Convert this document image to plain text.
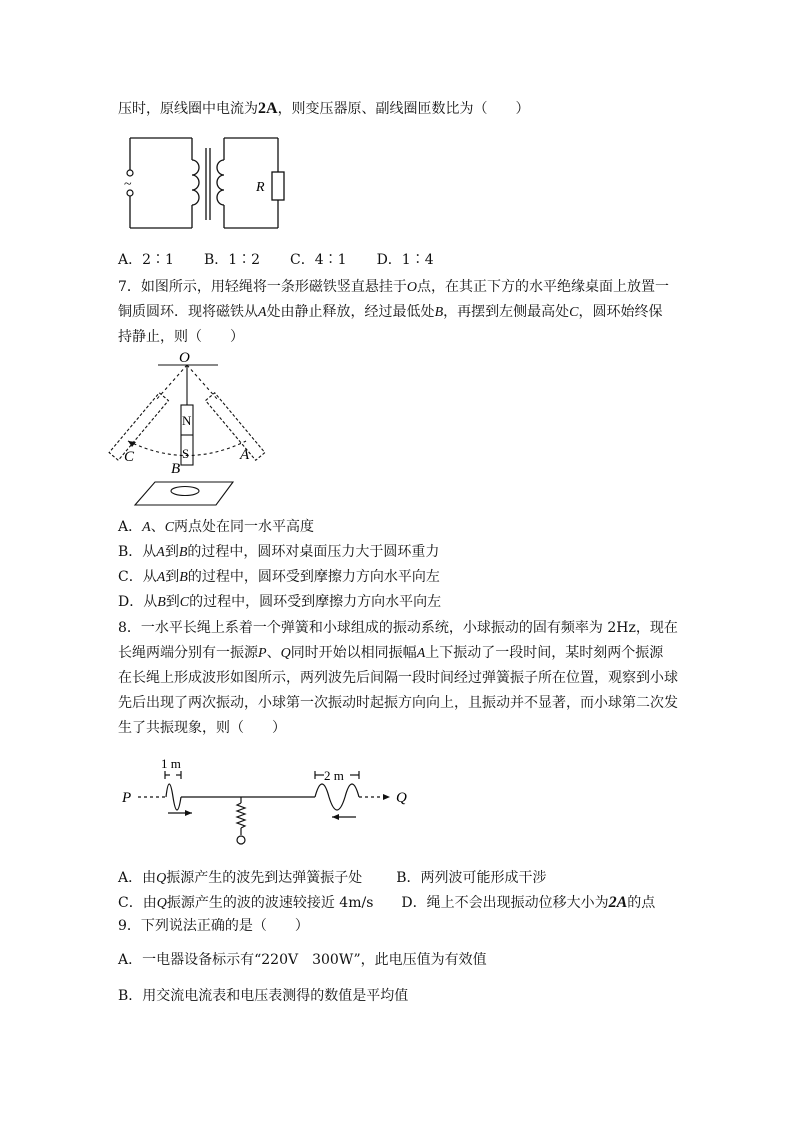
压时，原线圈中电流为2A，则变压器原、副线圈匝数比为（　　）
~	R
A．2∶1 B．1∶2 C．4∶1 D．1∶4
7．如图所示，用轻绳将一条形磁铁竖直悬挂于O点，在其正下方的水平绝缘桌面上放置一
铜质圆环．现将磁铁从A处由静止释放，经过最低处B，再摆到左侧最高处C，圆环始终保
持静止，则（　　）
O
N
S
C
B
A
A．A、C两点处在同一水平高度
B．从A到B的过程中，圆环对桌面压力大于圆环重力
C．从A到B的过程中，圆环受到摩擦力方向水平向左
D．从B到C的过程中，圆环受到摩擦力方向水平向左
8．一水平长绳上系着一个弹簧和小球组成的振动系统，小球振动的固有频率为 2Hz，现在
长绳两端分别有一振源P、Q同时开始以相同振幅A上下振动了一段时间，某时刻两个振源
在长绳上形成波形如图所示，两列波先后间隔一段时间经过弹簧振子所在位置，观察到小球
先后出现了两次振动，小球第一次振动时起振方向向上，且振动并不显著，而小球第二次发
生了共振现象，则（　　）
P	Q
1 m
2 m
A．由Q振源产生的波先到达弹簧振子处 B．两列波可能形成干涉
C．由Q振源产生的波的波速较接近 4m/s D．绳上不会出现振动位移大小为2A的点
9．下列说法正确的是（　　）
A．一电器设备标示有“220V　300W”，此电压值为有效值
B．用交流电流表和电压表测得的数值是平均值
